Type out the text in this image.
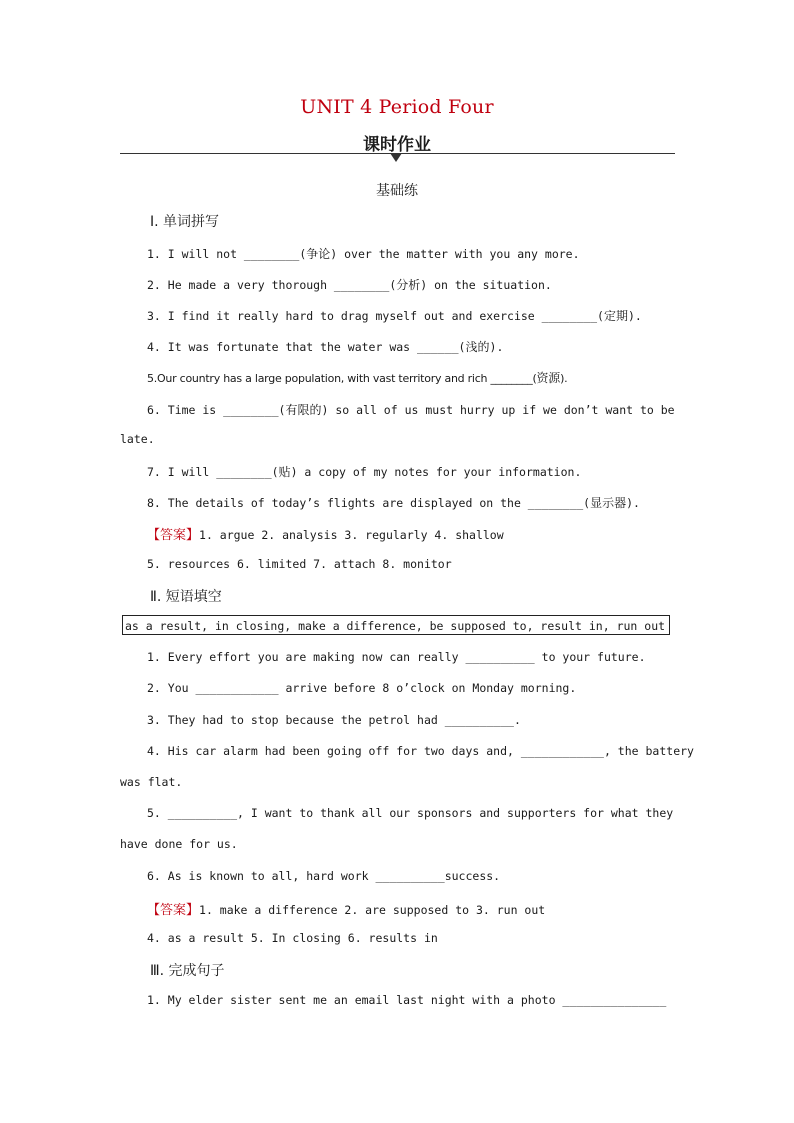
UNIT 4 Period Four
课时作业
基础练
Ⅰ. 单词拼写
1. I will not ________(争论) over the matter with you any more.
2. He made a very thorough ________(分析) on the situation.
3. I find it really hard to drag myself out and exercise ________(定期).
4. It was fortunate that the water was ______(浅的).
5.Our country has a large population, with vast territory and rich ________(资源).
6. Time is ________(有限的) so all of us must hurry up if we don’t want to be
late.
7. I will ________(贴) a copy of my notes for your information.
8. The details of today’s flights are displayed on the ________(显示器).
【答案】1. argue 2. analysis 3. regularly 4. shallow
5. resources 6. limited 7. attach 8. monitor
Ⅱ. 短语填空
as a result, in closing, make a difference, be supposed to, result in, run out
1. Every effort you are making now can really __________ to your future.
2. You ____________ arrive before 8 o’clock on Monday morning.
3. They had to stop because the petrol had __________.
4. His car alarm had been going off for two days and, ____________, the battery
was flat.
5. __________, I want to thank all our sponsors and supporters for what they
have done for us.
6. As is known to all, hard work __________success.
【答案】1. make a difference 2. are supposed to 3. run out
4. as a result 5. In closing 6. results in
Ⅲ. 完成句子
1. My elder sister sent me an email last night with a photo _______________
